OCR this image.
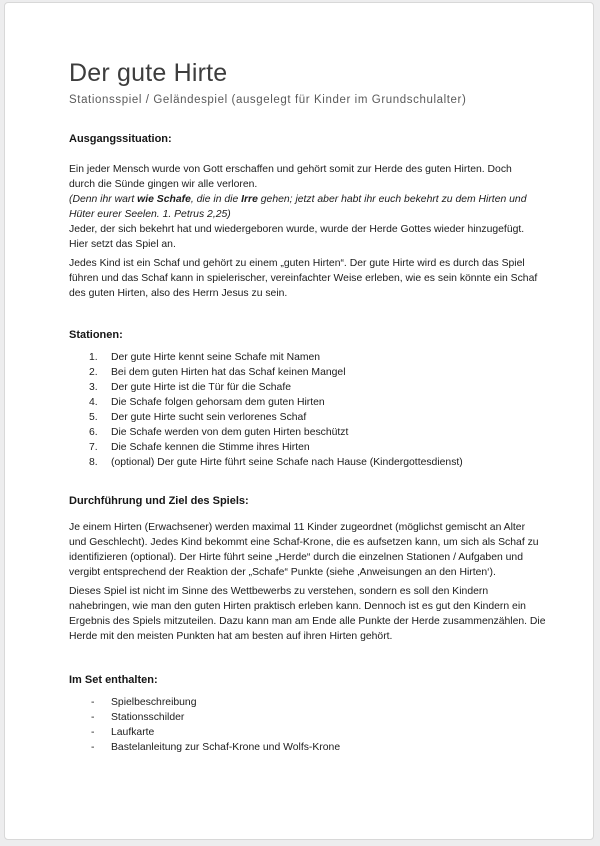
Der gute Hirte
Stationsspiel / Geländespiel (ausgelegt für Kinder im Grundschulalter)
Ausgangssituation:

Ein jeder Mensch wurde von Gott erschaffen und gehört somit zur Herde des guten Hirten. Doch
durch die Sünde gingen wir alle verloren.
(Denn ihr wart wie Schafe, die in die Irre gehen; jetzt aber habt ihr euch bekehrt zu dem Hirten und
Hüter eurer Seelen. 1. Petrus 2,25)
Jeder, der sich bekehrt hat und wiedergeboren wurde, wurde der Herde Gottes wieder hinzugefügt.
Hier setzt das Spiel an.

Jedes Kind ist ein Schaf und gehört zu einem „guten Hirten“. Der gute Hirte wird es durch das Spiel
führen und das Schaf kann in spielerischer, vereinfachter Weise erleben, wie es sein könnte ein Schaf
des guten Hirten, also des Herrn Jesus zu sein.

Stationen:
Der gute Hirte kennt seine Schafe mit Namen
Bei dem guten Hirten hat das Schaf keinen Mangel
Der gute Hirte ist die Tür für die Schafe
Die Schafe folgen gehorsam dem guten Hirten
Der gute Hirte sucht sein verlorenes Schaf
Die Schafe werden von dem guten Hirten beschützt
Die Schafe kennen die Stimme ihres Hirten
(optional) Der gute Hirte führt seine Schafe nach Hause (Kindergottesdienst)
Durchführung und Ziel des Spiels:

Je einem Hirten (Erwachsener) werden maximal 11 Kinder zugeordnet (möglichst gemischt an Alter
und Geschlecht). Jedes Kind bekommt eine Schaf-Krone, die es aufsetzen kann, um sich als Schaf zu
identifizieren (optional). Der Hirte führt seine „Herde“ durch die einzelnen Stationen / Aufgaben und
vergibt entsprechend der Reaktion der „Schafe“ Punkte (siehe ‚Anweisungen an den Hirten‘).

Dieses Spiel ist nicht im Sinne des Wettbewerbs zu verstehen, sondern es soll den Kindern
nahebringen, wie man den guten Hirten praktisch erleben kann. Dennoch ist es gut den Kindern ein
Ergebnis des Spiels mitzuteilen. Dazu kann man am Ende alle Punkte der Herde zusammenzählen. Die
Herde mit den meisten Punkten hat am besten auf ihren Hirten gehört.

Im Set enthalten:
- Spielbeschreibung
- Stationsschilder
- Laufkarte
- Bastelanleitung zur Schaf-Krone und Wolfs-Krone
